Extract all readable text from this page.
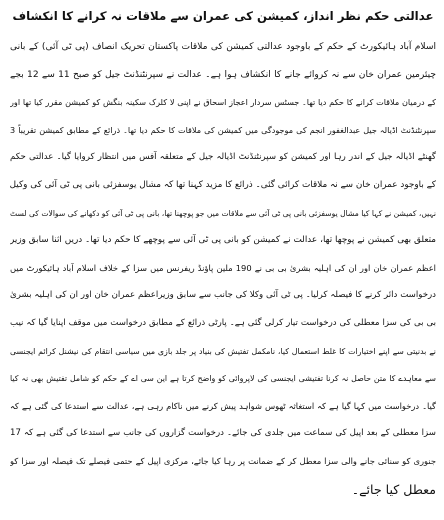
عدالتی حکم نظر انداز، کمیشن کی عمران سے ملاقات نہ کرانے کا انکشاف
اسلام آباد ہائیکورٹ کے حکم کے باوجود عدالتی کمیشن کی ملاقات پاکستان تحریک انصاف (پی ٹی آئی) کے بانی
چیئرمین عمران خان سے نہ کروائے جانے کا انکشاف ہوا ہے۔ عدالت نے سپرنٹنڈنٹ جیل کو صبح 11 سے 12 بجے
کے درمیان ملاقات کرانے کا حکم دیا تھا۔ جسٹس سردار اعجاز اسحاق نے اپنی لا کلرک سکینہ بنگش کو کمیشن مقرر کیا تھا اور
سپرنٹنڈنٹ اڈیالہ جیل عبدالغفور انجم کی موجودگی میں کمیشن کی ملاقات کا حکم دیا تھا۔ ذرائع کے مطابق کمیشن تقریباً 3
گھنٹے اڈیالہ جیل کے اندر رہا اور کمیشن کو سپرنٹنڈنٹ اڈیالہ جیل کے متعلقہ آفس میں انتظار کروایا گیا۔ عدالتی حکم
کے باوجود عمران خان سے نہ ملاقات کرائی گئی۔ ذرائع کا مزید کہنا تھا کہ مشال یوسفزئی بانی پی ٹی آئی کی وکیل
نہیں، کمیشن نے کہا کیا مشال یوسفزئی بانی پی ٹی آئی سے ملاقات میں جو پوچھنا تھا، بانی پی ٹی آئی کو دکھانے کی سوالات کی لسٹ
متعلق بھی کمیشن نے پوچھا تھا، عدالت نے کمیشن کو بانی پی ٹی آئی سے پوچھے کا حکم دیا تھا۔ دریں اثنا سابق وزیر
اعظم عمران خان اور ان کی اہلیہ بشریٰ بی بی نے 190 ملین پاؤنڈ ریفرنس میں سزا کے خلاف اسلام آباد ہائیکورٹ میں
درخواست دائر کرنے کا فیصلہ کرلیا۔ پی ٹی آئی وکلا کی جانب سے سابق وزیراعظم عمران خان اور ان کی اہلیہ بشریٰ
بی بی کی سزا معطلی کی درخواست تیار کرلی گئی ہے۔ پارٹی ذرائع کے مطابق درخواست میں موقف اپنایا گیا کہ نیب
نے بدنیتی سے اپنے اختیارات کا غلط استعمال کیا، نامکمل تفتیش کی بنیاد پر جلد بازی میں سیاسی انتقام کی نیشنل کرائم ایجنسی
سے معاہدے کا متن حاصل نہ کرنا تفتیشی ایجنسی کی لاپروائی کو واضح کرتا ہے این سی اے کے حکم کو شامل تفتیش بھی نہ کیا
گیا۔ درخواست میں کہا گیا ہے کہ استغاثہ ٹھوس شواہد پیش کرنے میں ناکام رہی ہے، عدالت سے استدعا کی گئی ہے کہ
سزا معطلی کے بعد اپیل کی سماعت میں جلدی کی جائے۔ درخواست گزاروں کی جانب سے استدعا کی گئی ہے کہ 17
جنوری کو سنائی جانے والی سزا معطل کر کے ضمانت پر رہا کیا جائے، مرکزی اپیل کے حتمی فیصلے تک فیصلہ اور سزا کو
معطل کیا جائے۔
